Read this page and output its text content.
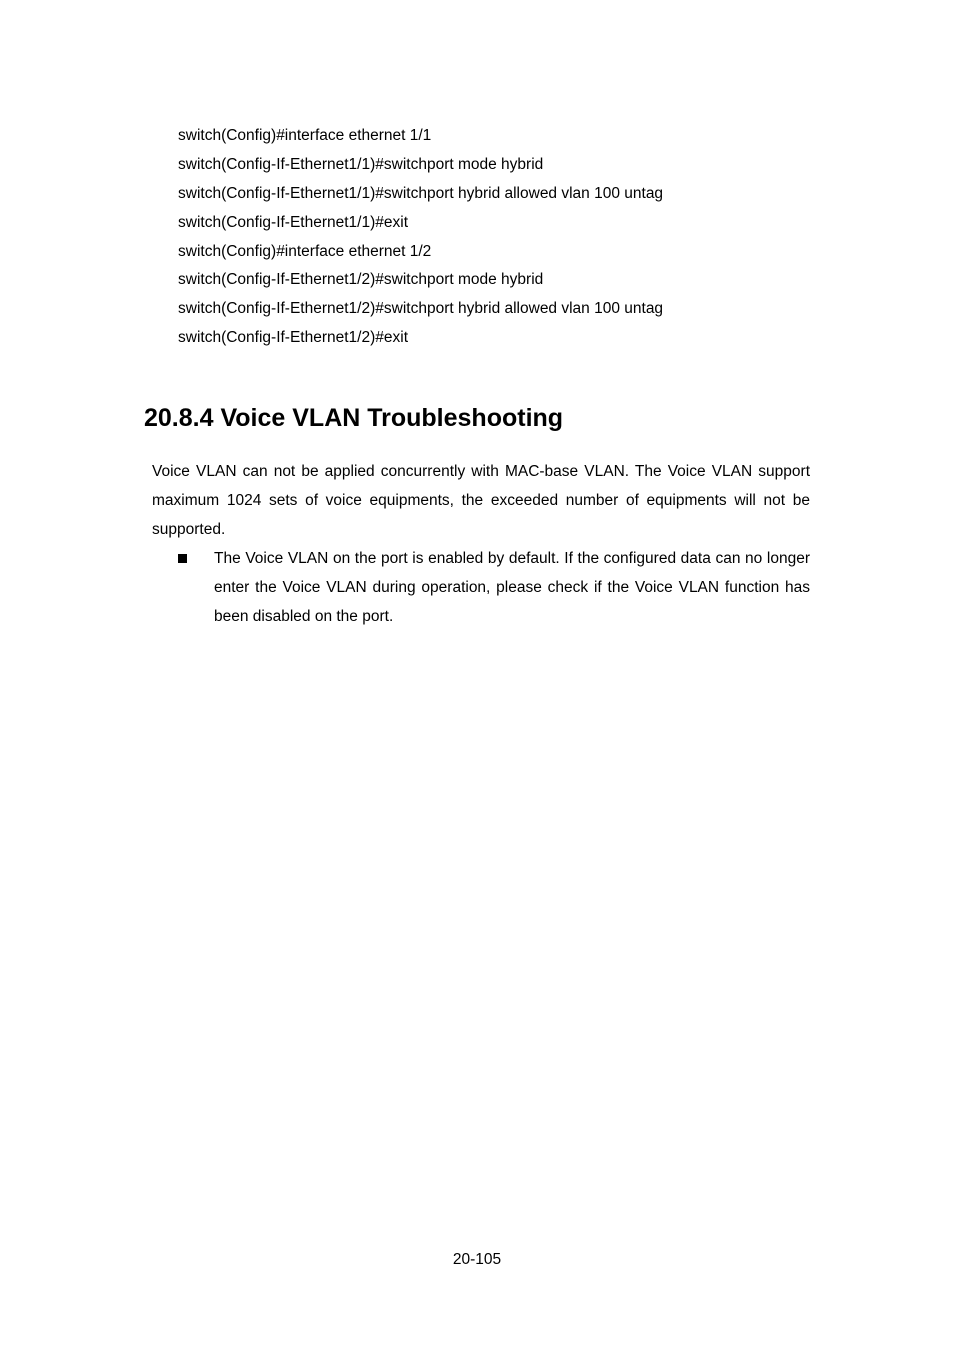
switch(Config)#interface ethernet 1/1
switch(Config-If-Ethernet1/1)#switchport mode hybrid
switch(Config-If-Ethernet1/1)#switchport hybrid allowed vlan 100 untag
switch(Config-If-Ethernet1/1)#exit
switch(Config)#interface ethernet 1/2
switch(Config-If-Ethernet1/2)#switchport mode hybrid
switch(Config-If-Ethernet1/2)#switchport hybrid allowed vlan 100 untag
switch(Config-If-Ethernet1/2)#exit
20.8.4 Voice VLAN Troubleshooting

Voice VLAN can not be applied concurrently with MAC-base VLAN. The Voice VLAN support maximum 1024 sets of voice equipments, the exceeded number of equipments will not be supported.

The Voice VLAN on the port is enabled by default. If the configured data can no longer enter the Voice VLAN during operation, please check if the Voice VLAN function has been disabled on the port.
20-105
